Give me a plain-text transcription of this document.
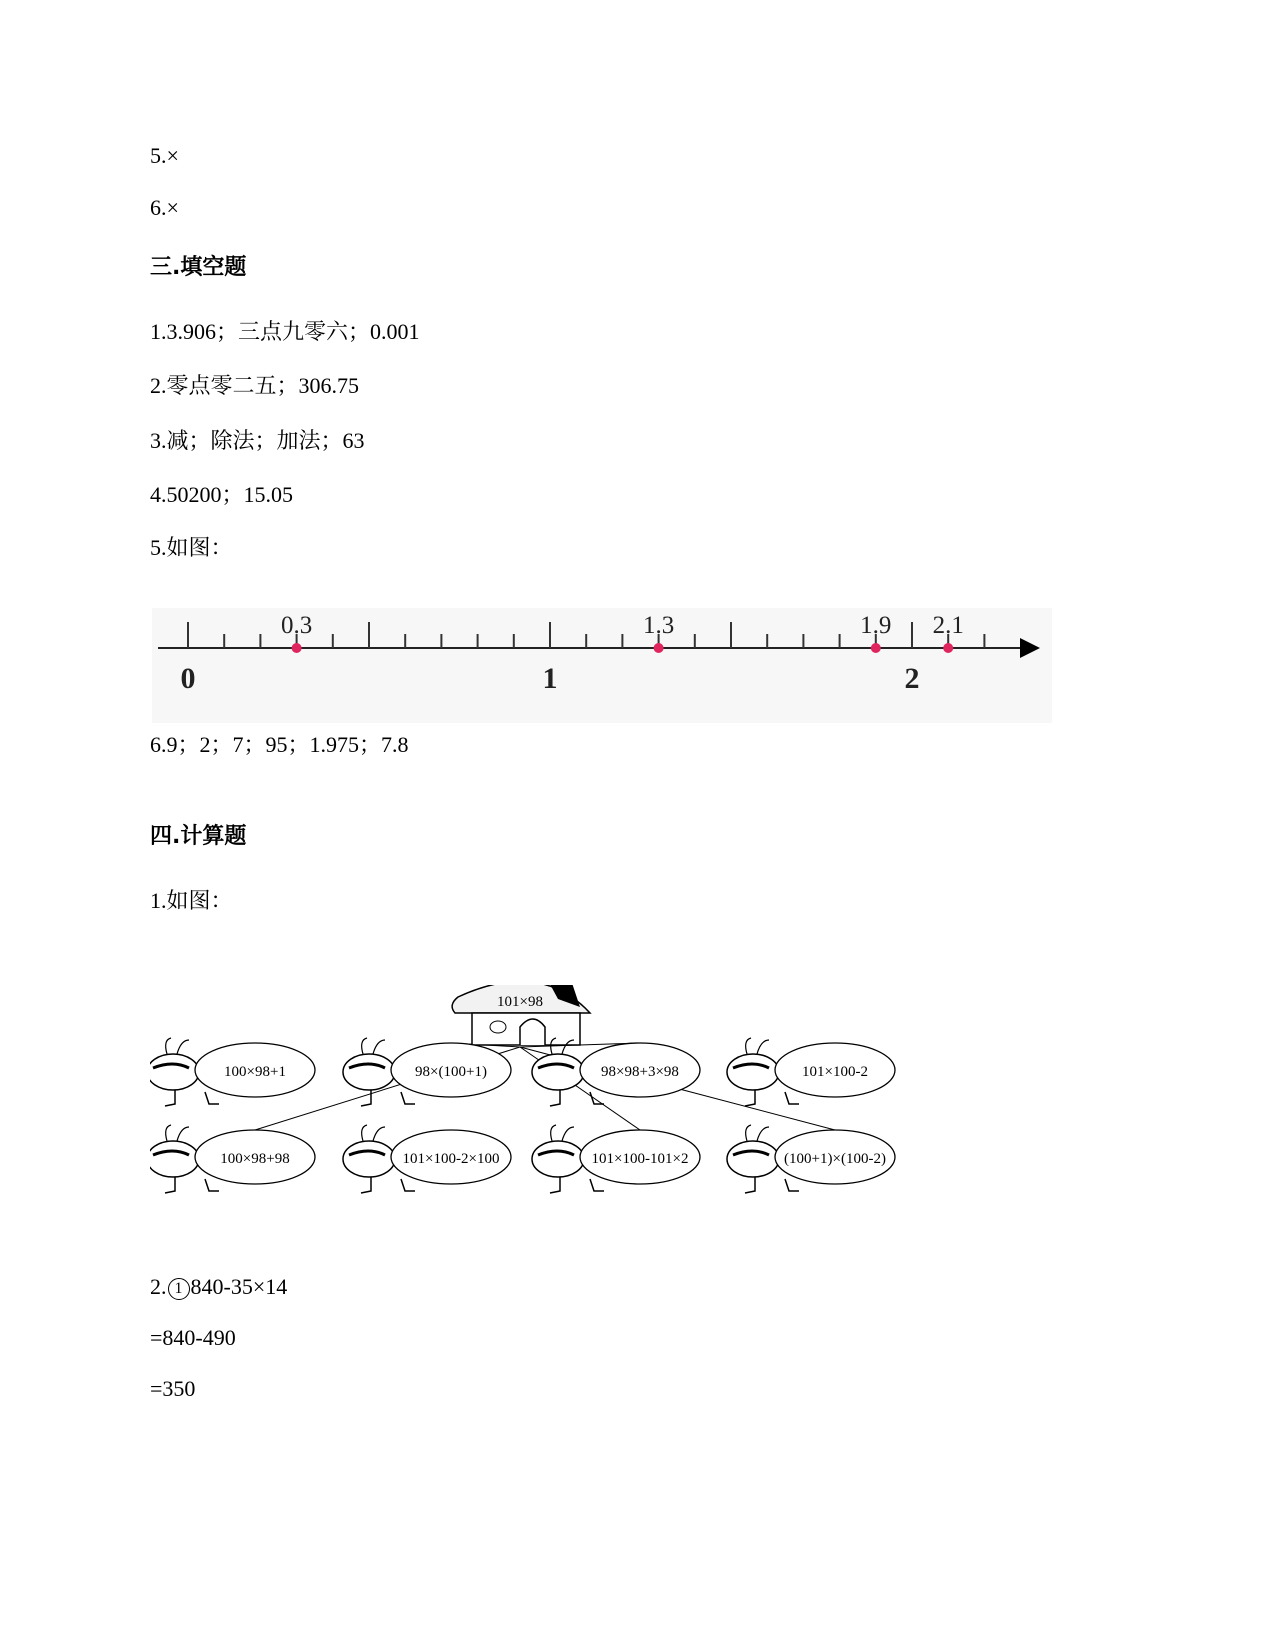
5.×
6.×
三.填空题
1.3.906；三点九零六；0.001
2.零点零二五；306.75
3.减；除法；加法；63
4.50200；15.05
5.如图：
0	1	2
0.3	1.3	1.9 2.1
6.9；2；7；95；1.975；7.8
四.计算题
1.如图：
101×98
100×98+1	98×(100+1)	98×98+3×98	101×100-2
100×98+98	101×100-2×100	101×100-101×2	(100+1)×(100-2)
2. 1 840-35×14
=840-490
=350
